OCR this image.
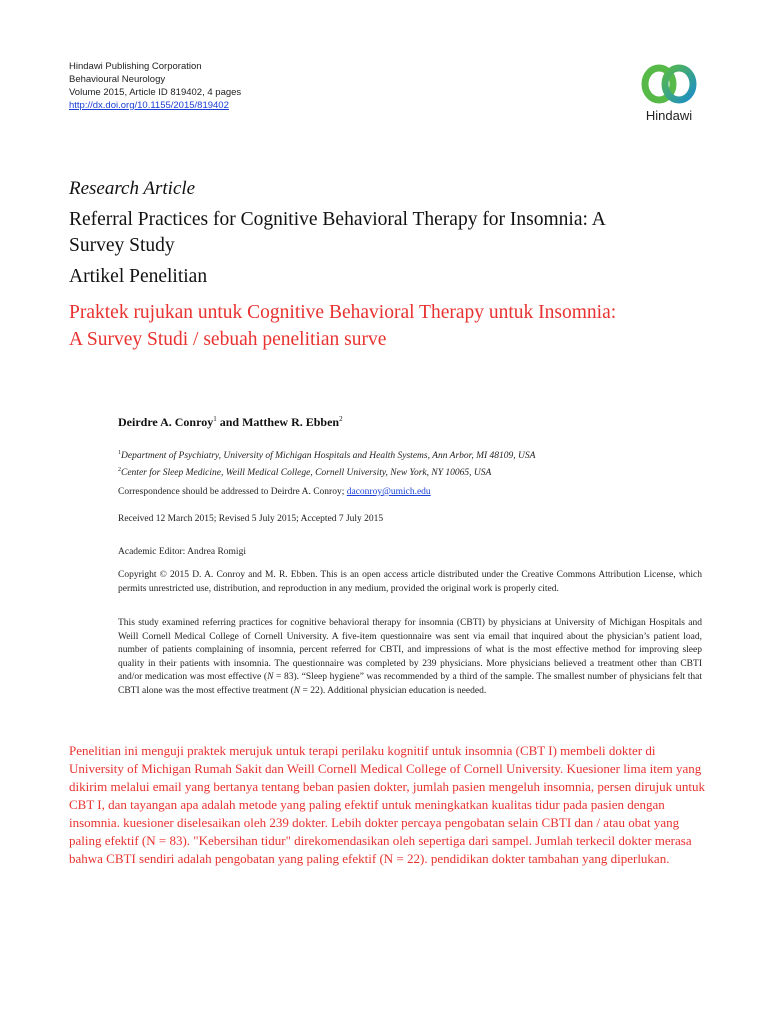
Hindawi Publishing Corporation
Behavioural Neurology
Volume 2015, Article ID 819402, 4 pages
http://dx.doi.org/10.1155/2015/819402
Hindawi
Research Article
Referral Practices for Cognitive Behavioral Therapy for Insomnia: A Survey Study
Artikel Penelitian
Praktek rujukan untuk Cognitive Behavioral Therapy untuk Insomnia: A Survey Studi / sebuah penelitian surve
Deirdre A. Conroy$^1$ and Matthew R. Ebben$^2$
$^1$Department of Psychiatry, University of Michigan Hospitals and Health Systems, Ann Arbor, MI 48109, USA
$^2$Center for Sleep Medicine, Weill Medical College, Cornell University, New York, NY 10065, USA
Correspondence should be addressed to Deirdre A. Conroy; daconroy@umich.edu
Received 12 March 2015; Revised 5 July 2015; Accepted 7 July 2015
Academic Editor: Andrea Romigi
Copyright © 2015 D. A. Conroy and M. R. Ebben. This is an open access article distributed under the Creative Commons Attribution License, which permits unrestricted use, distribution, and reproduction in any medium, provided the original work is properly cited.
This study examined referring practices for cognitive behavioral therapy for insomnia (CBTI) by physicians at University of Michigan Hospitals and Weill Cornell Medical College of Cornell University. A five-item questionnaire was sent via email that inquired about the physician’s patient load, number of patients complaining of insomnia, percent referred for CBTI, and impressions of what is the most effective method for improving sleep quality in their patients with insomnia. The questionnaire was completed by 239 physicians. More physicians believed a treatment other than CBTI and/or medication was most effective (N = 83). “Sleep hygiene” was recommended by a third of the sample. The smallest number of physicians felt that CBTI alone was the most effective treatment (N = 22). Additional physician education is needed.
Penelitian ini menguji praktek merujuk untuk terapi perilaku kognitif untuk insomnia (CBT I) membeli dokter di University of Michigan Rumah Sakit dan Weill Cornell Medical College of Cornell University. Kuesioner lima item yang dikirim melalui email yang bertanya tentang beban pasien dokter, jumlah pasien mengeluh insomnia, persen dirujuk untuk CBT I, dan tayangan apa adalah metode yang paling efektif untuk meningkatkan kualitas tidur pada pasien dengan insomnia. kuesioner diselesaikan oleh 239 dokter. Lebih dokter percaya pengobatan selain CBTI dan / atau obat yang paling efektif (N = 83). "Kebersihan tidur" direkomendasikan oleh sepertiga dari sampel. Jumlah terkecil dokter merasa bahwa CBTI sendiri adalah pengobatan yang paling efektif (N = 22). pendidikan dokter tambahan yang diperlukan.
